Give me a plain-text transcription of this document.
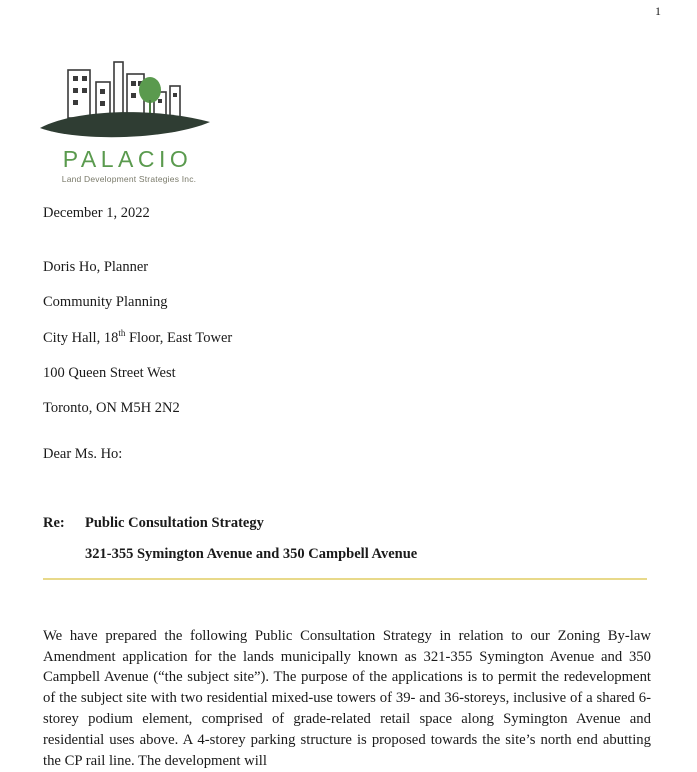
1
PALACIO
Land Development Strategies Inc.

December 1, 2022

Doris Ho, Planner

Community Planning

City Hall, 18th Floor, East Tower

100 Queen Street West

Toronto, ON M5H 2N2

Dear Ms. Ho:

Re:	Public Consultation Strategy
321-355 Symington Avenue and 350 Campbell Avenue

We have prepared the following Public Consultation Strategy in relation to our Zoning By-law Amendment application for the lands municipally known as 321-355 Symington Avenue and 350 Campbell Avenue (“the subject site”). The purpose of the applications is to permit the redevelopment of the subject site with two residential mixed-use towers of 39- and 36-storeys, inclusive of a shared 6-storey podium element, comprised of grade-related retail space along Symington Avenue and residential uses above. A 4-storey parking structure is proposed towards the site’s north end abutting the CP rail line. The development will
